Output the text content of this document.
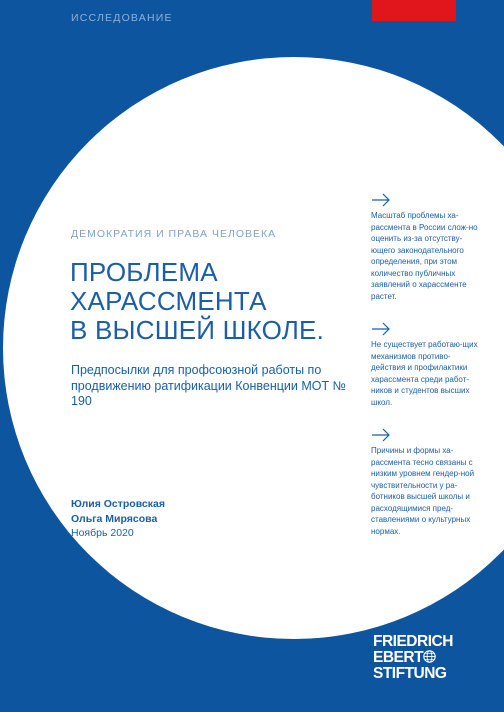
ИССЛЕДОВАНИЕ
ДЕМОКРАТИЯ И ПРАВА ЧЕЛОВЕКА
ПРОБЛЕМА
ХАРАССМЕНТА
В ВЫСШЕЙ ШКОЛЕ.
Предпосылки для профсоюзной работы по продвижению ратификации Конвенции МОТ № 190
Юлия Островская
Ольга Мирясова
Ноябрь 2020
Масштаб проблемы ха-рассмента в России слож-но оценить из-за отсутству-ющего законодательного определения, при этом количество публичных заявлений о харассменте растет.
Не существует работаю-щих механизмов противо-действия и профилактики харассмента среди работ-ников и студентов высших школ.
Причины и формы ха-рассмента тесно связаны с низким уровнем гендер-ной чувствительности у ра-ботников высшей школы и расходящимися пред-ставлениями о культурных нормах.
FRIEDRICH
EBERT
STIFTUNG
